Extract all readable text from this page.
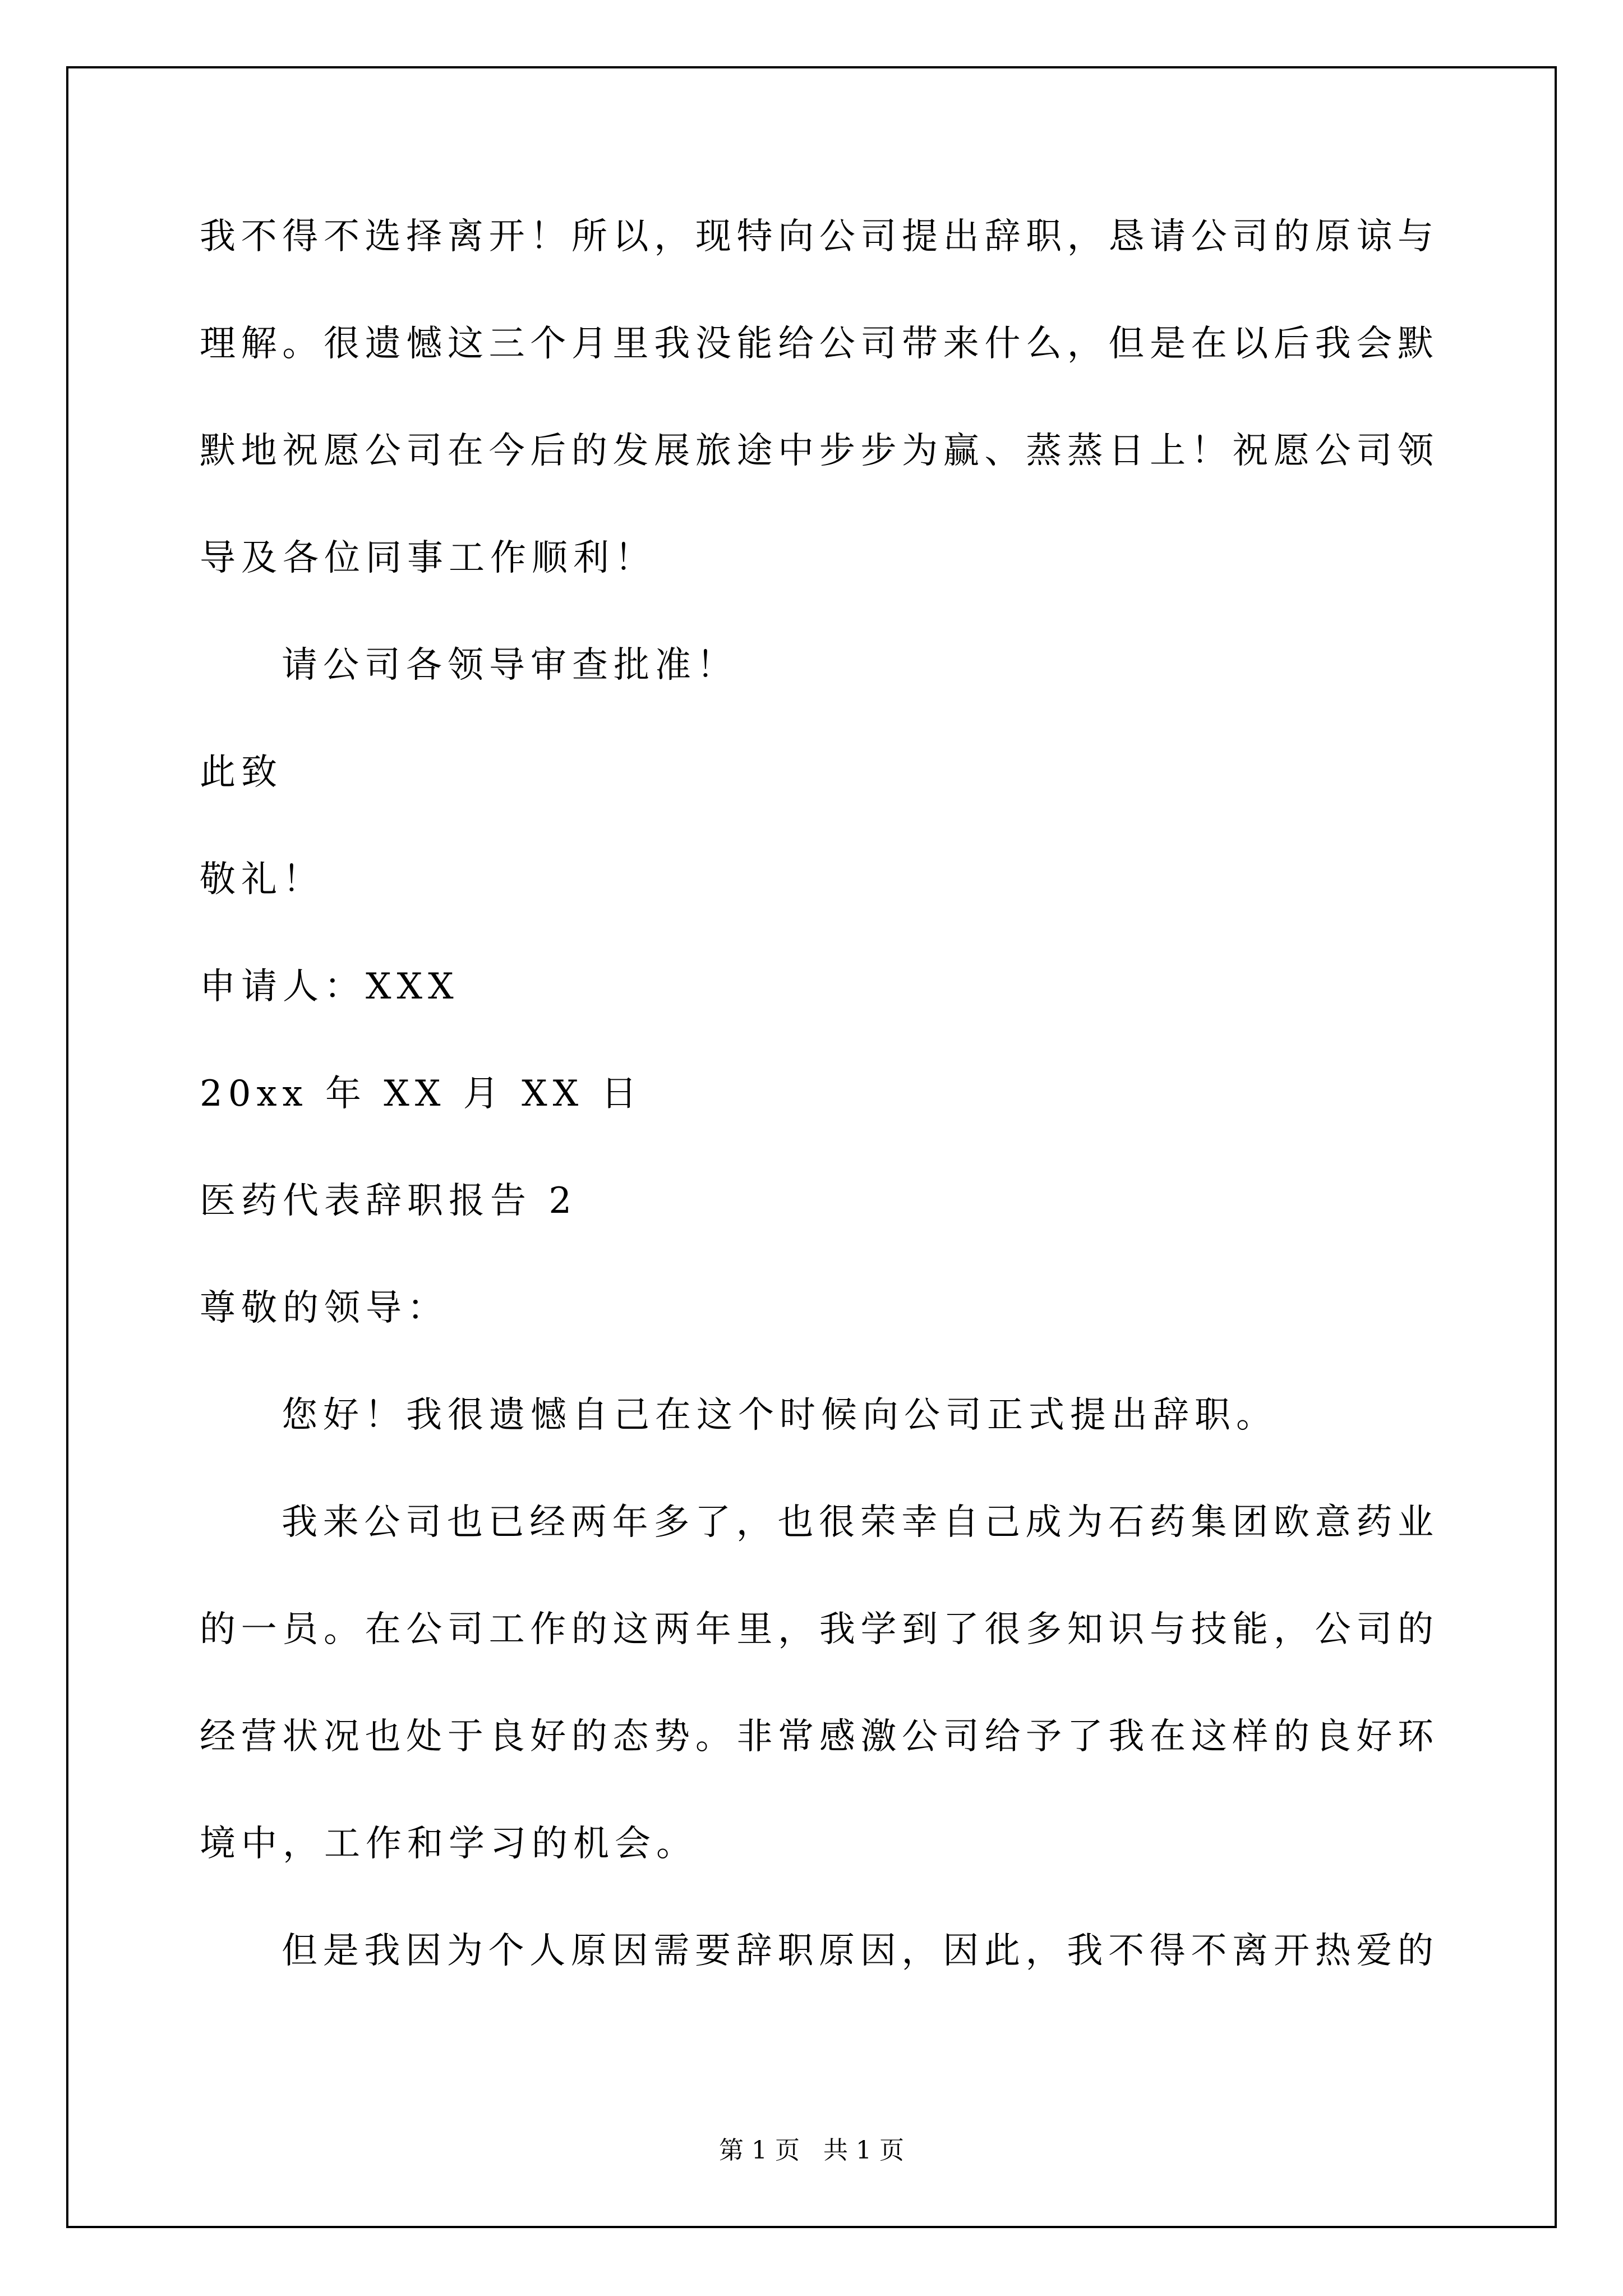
我不得不选择离开！所以，现特向公司提出辞职，恳请公司的原谅与
理解。很遗憾这三个月里我没能给公司带来什么，但是在以后我会默
默地祝愿公司在今后的发展旅途中步步为赢、蒸蒸日上！祝愿公司领
导及各位同事工作顺利！
请公司各领导审查批准！
此致
敬礼！
申请人：XXX
20xx 年 XX 月 XX 日
医药代表辞职报告 2
尊敬的领导：
您好！我很遗憾自己在这个时候向公司正式提出辞职。
我来公司也已经两年多了，也很荣幸自己成为石药集团欧意药业
的一员。在公司工作的这两年里，我学到了很多知识与技能，公司的
经营状况也处于良好的态势。非常感激公司给予了我在这样的良好环
境中，工作和学习的机会。
但是我因为个人原因需要辞职原因，因此，我不得不离开热爱的
第 1 页   共 1 页
